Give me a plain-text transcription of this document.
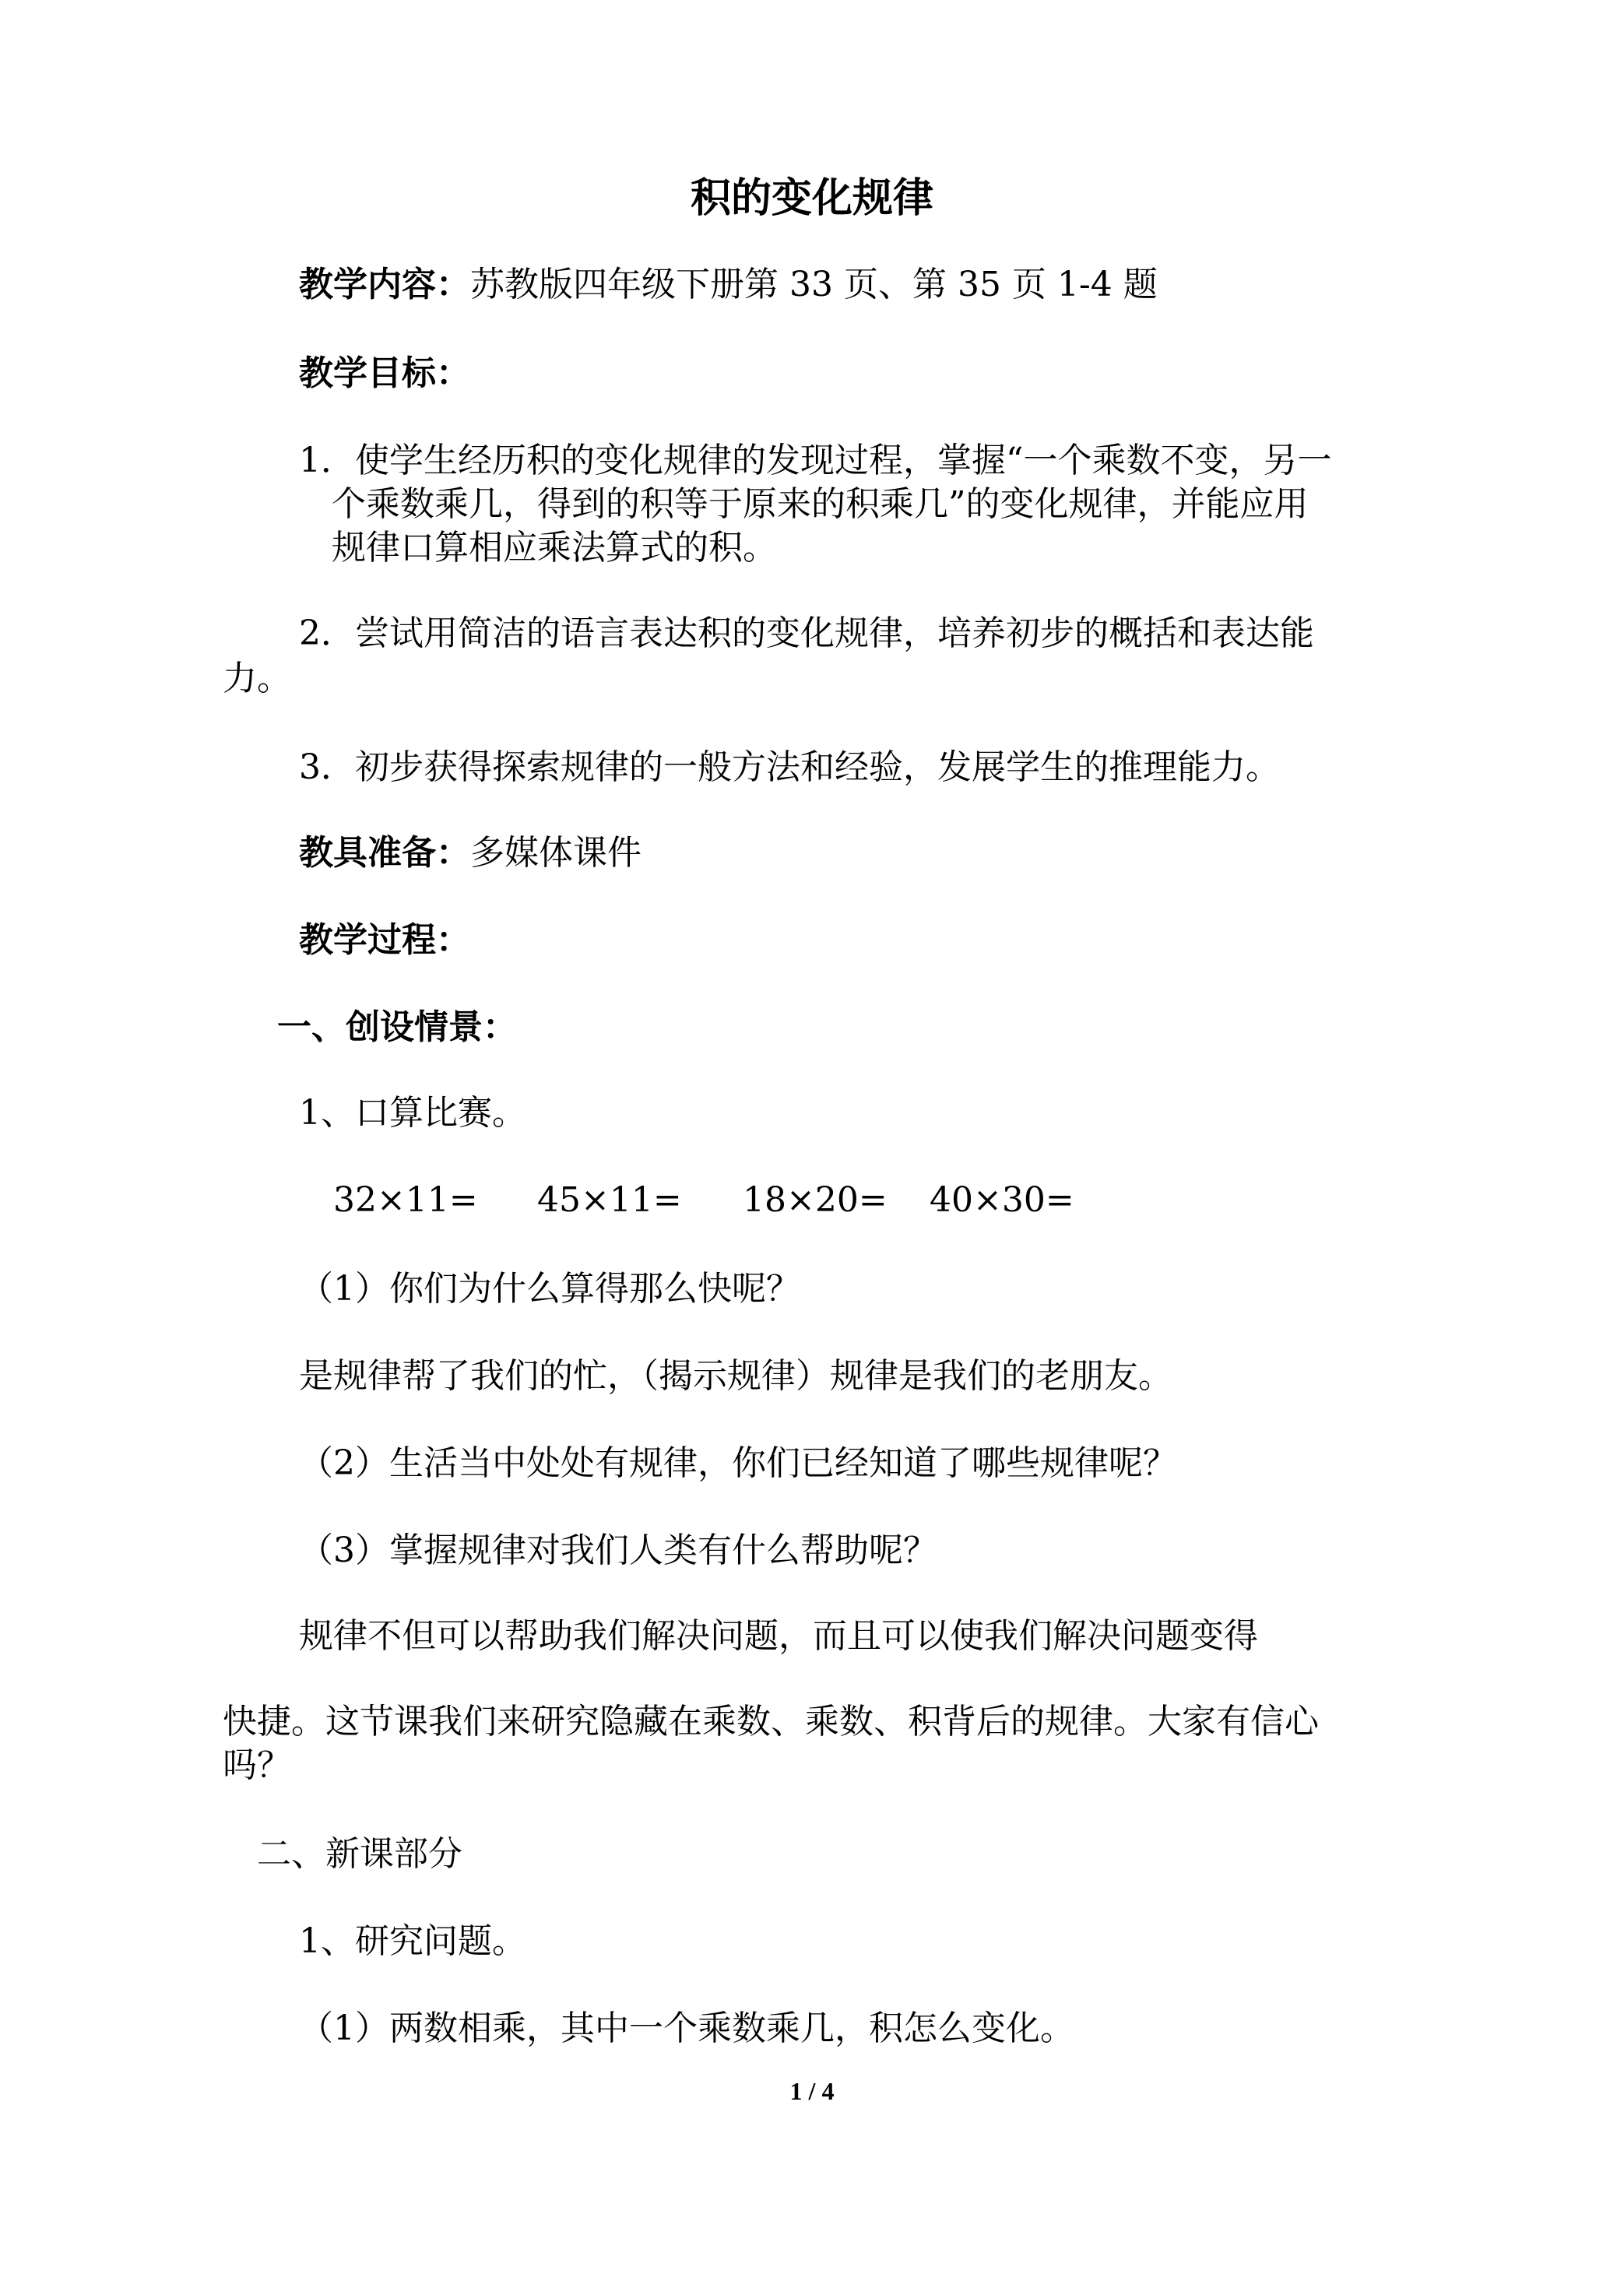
积的变化规律
教学内容：苏教版四年级下册第 33 页、第 35 页 1-4 题
教学目标：
1．使学生经历积的变化规律的发现过程，掌握“一个乘数不变，另一
个乘数乘几，得到的积等于原来的积乘几”的变化规律，并能应用
规律口算相应乘法算式的积。
2．尝试用简洁的语言表达积的变化规律，培养初步的概括和表达能
力。
3．初步获得探索规律的一般方法和经验，发展学生的推理能力。
教具准备：多媒体课件
教学过程：
一、创设情景：
1、口算比赛。
32×11= 45×11= 18×20= 40×30=
（1）你们为什么算得那么快呢？
是规律帮了我们的忙，（揭示规律）规律是我们的老朋友。
（2）生活当中处处有规律，你们已经知道了哪些规律呢？
（3）掌握规律对我们人类有什么帮助呢？
规律不但可以帮助我们解决问题，而且可以使我们解决问题变得
快捷。这节课我们来研究隐藏在乘数、乘数、积背后的规律。大家有信心
吗？
二、新课部分
1、研究问题。
（1）两数相乘，其中一个乘数乘几，积怎么变化。
1 / 4
